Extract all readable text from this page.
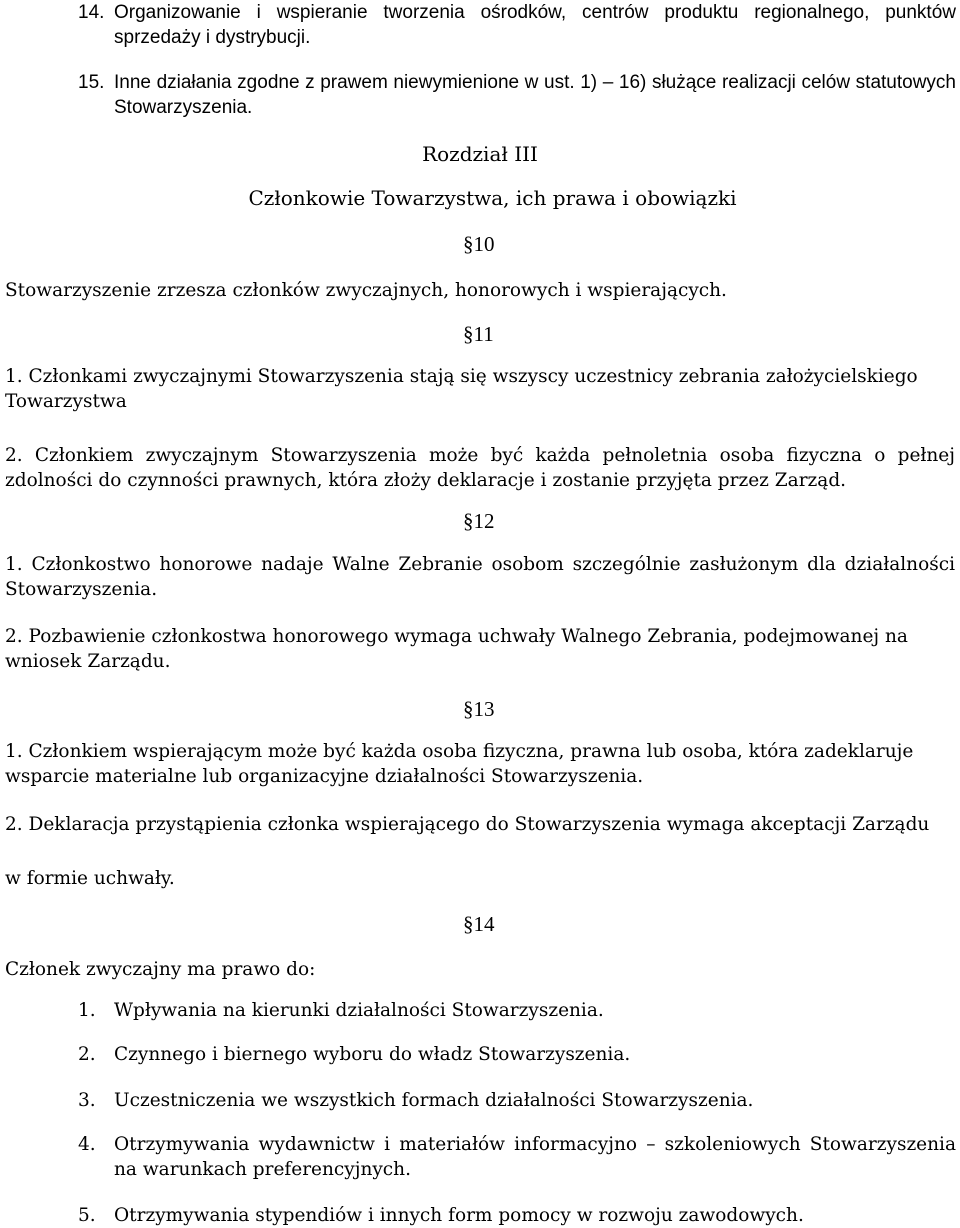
14. Organizowanie i wspieranie tworzenia ośrodków, centrów produktu regionalnego, punktów sprzedaży i dystrybucji.
15. Inne działania zgodne z prawem niewymienione w ust. 1) – 16) służące realizacji celów statutowych Stowarzyszenia.
Rozdział III
Członkowie Towarzystwa, ich prawa i obowiązki
§10
Stowarzyszenie zrzesza członków zwyczajnych, honorowych i wspierających.
§11
1. Członkami zwyczajnymi Stowarzyszenia stają się wszyscy uczestnicy zebrania założycielskiego Towarzystwa
2. Członkiem zwyczajnym Stowarzyszenia może być każda pełnoletnia osoba fizyczna o pełnej zdolności do czynności prawnych, która złoży deklaracje i zostanie przyjęta przez Zarząd.
§12
1. Członkostwo honorowe nadaje Walne Zebranie osobom szczególnie zasłużonym dla działalności Stowarzyszenia.
2. Pozbawienie członkostwa honorowego wymaga uchwały Walnego Zebrania, podejmowanej na wniosek Zarządu.
§13
1. Członkiem wspierającym może być każda osoba fizyczna, prawna lub osoba, która zadeklaruje wsparcie materialne lub organizacyjne działalności Stowarzyszenia.
2. Deklaracja przystąpienia członka wspierającego do Stowarzyszenia wymaga akceptacji Zarządu
w formie uchwały.
§14
Członek zwyczajny ma prawo do:
1. Wpływania na kierunki działalności Stowarzyszenia.
2. Czynnego i biernego wyboru do władz Stowarzyszenia.
3. Uczestniczenia we wszystkich formach działalności Stowarzyszenia.
4. Otrzymywania wydawnictw i materiałów informacyjno – szkoleniowych Stowarzyszenia na warunkach preferencyjnych.
5. Otrzymywania stypendiów i innych form pomocy w rozwoju zawodowych.
